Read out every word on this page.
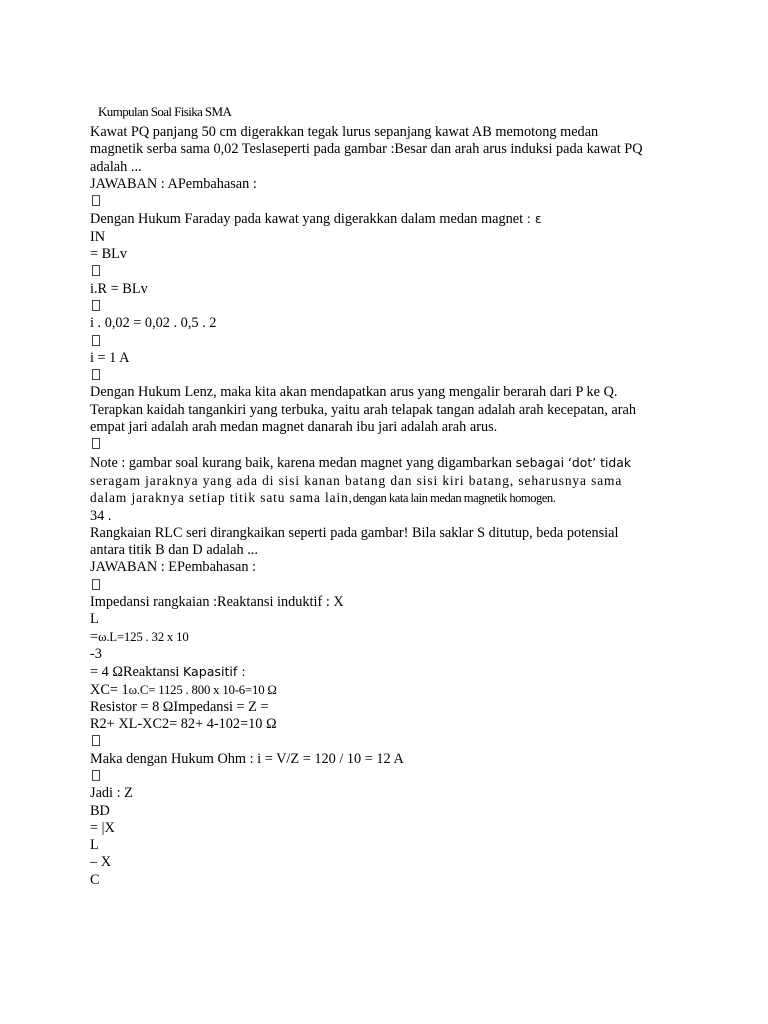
Kumpulan Soal Fisika SMA
Kawat PQ panjang 50 cm digerakkan tegak lurus sepanjang kawat AB memotong medan
magnetik serba sama 0,02 Teslaseperti pada gambar :Besar dan arah arus induksi pada kawat PQ
adalah ...
JAWABAN : APembahasan :
Dengan Hukum Faraday pada kawat yang digerakkan dalam medan magnet : ε
IN
= BLv
i.R = BLv
i . 0,02 = 0,02 . 0,5 . 2
i = 1 A
Dengan Hukum Lenz, maka kita akan mendapatkan arus yang mengalir berarah dari P ke Q.
Terapkan kaidah tangankiri yang terbuka, yaitu arah telapak tangan adalah arah kecepatan, arah
empat jari adalah arah medan magnet danarah ibu jari adalah arah arus.
Note : gambar soal kurang baik, karena medan magnet yang digambarkan sebagai ‘dot’ tidak
seragam jaraknya yang ada di sisi kanan batang dan sisi kiri batang, seharusnya sama
dalam jaraknya setiap titik satu sama lain,dengan kata lain medan magnetik homogen.
34 .
Rangkaian RLC seri dirangkaikan seperti pada gambar! Bila saklar S ditutup, beda potensial
antara titik B dan D adalah ...
JAWABAN : EPembahasan :
Impedansi rangkaian :Reaktansi induktif : X
L
=ω.L=125 . 32 x 10
-3
= 4 ΩReaktansi Kapasitif :
XC= 1ω.C= 1125 . 800 x 10-6=10 Ω
Resistor = 8 ΩImpedansi = Z =
R2+ XL-XC2= 82+ 4-102=10 Ω
Maka dengan Hukum Ohm : i = V/Z = 120 / 10 = 12 A
Jadi : Z
BD
= |X
L
– X
C
